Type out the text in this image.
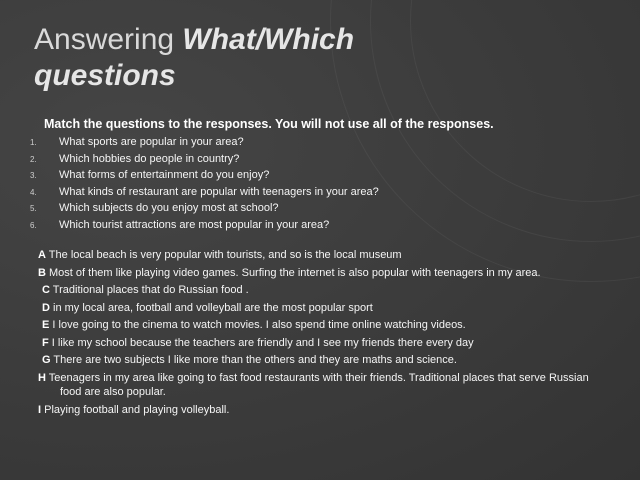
Answering What/Which questions
Match the questions to the responses. You will not use all of the responses.
1. What sports are popular in your area?
2. Which hobbies do people in country?
3. What forms of entertainment do you enjoy?
4. What kinds of restaurant are popular with teenagers in your area?
5. Which subjects do you enjoy most at school?
6. Which tourist attractions are most popular in your area?

A The local beach is very popular with tourists, and so is the local museum

B Most of them like playing video games. Surfing the internet is also popular with teenagers in my area.

C Traditional places that do Russian food .

D in my local area, football and volleyball are the most popular sport

E I love going to the cinema to watch movies. I also spend time online watching videos.

F I like my school because the teachers are friendly and I see my friends there every day

G There are two subjects I like more than the others and they are maths and science.

H Teenagers in my area like going to fast food restaurants with their friends. Traditional places that serve Russian food are also popular.

I Playing football and playing volleyball.
